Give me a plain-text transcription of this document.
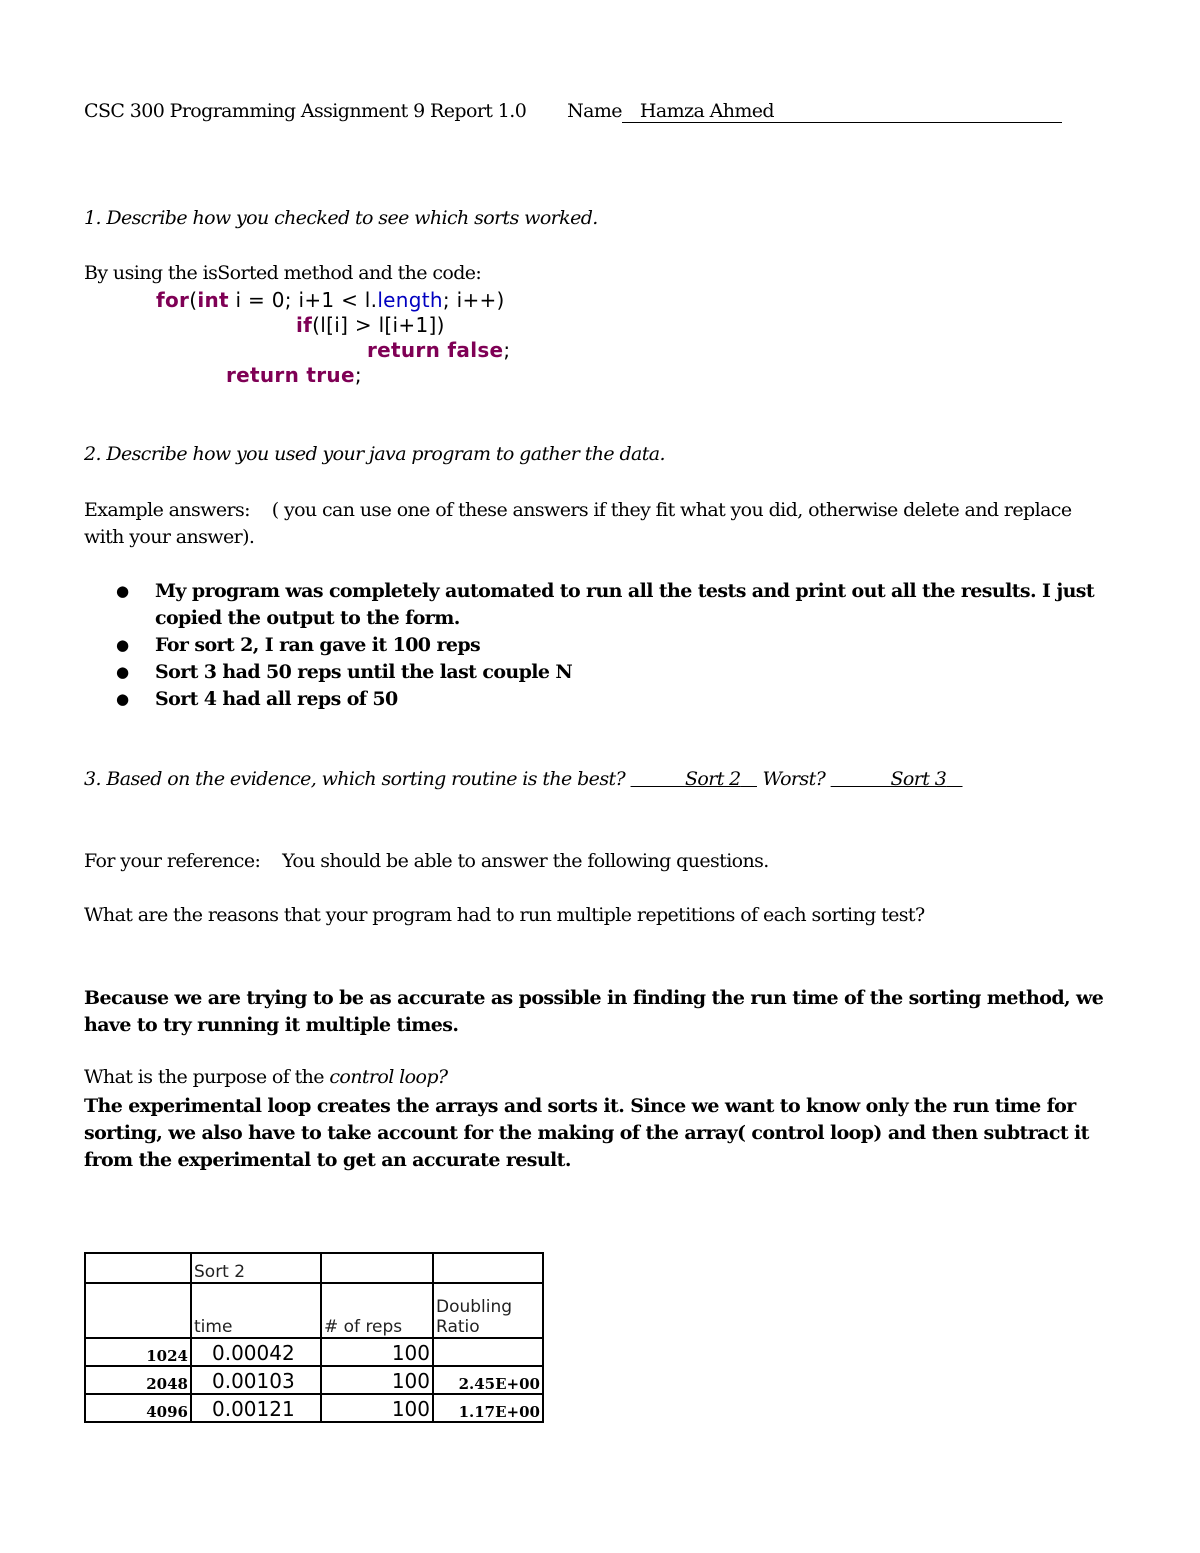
CSC 300 Programming Assignment 9 Report 1.0 Name Hamza Ahmed
1. Describe how you checked to see which sorts worked.
By using the isSorted method and the code:
for(int i = 0; i+1 < l.length; i++)
if(l[i] > l[i+1])
return false;
return true;
2. Describe how you used your java program to gather the data.
Example answers: ( you can use one of these answers if they fit what you did, otherwise delete and replace with your answer).
● My program was completely automated to run all the tests and print out all the results. I just copied the output to the form.
● For sort 2, I ran gave it 100 reps
● Sort 3 had 50 reps until the last couple N
● Sort 4 had all reps of 50
3. Based on the evidence, which sorting routine is the best?	Sort 2 Worst?	Sort 3
For your reference: You should be able to answer the following questions.
What are the reasons that your program had to run multiple repetitions of each sorting test?
Because we are trying to be as accurate as possible in finding the run time of the sorting method, we have to try running it multiple times.
What is the purpose of the control loop?
The experimental loop creates the arrays and sorts it. Since we want to know only the run time for sorting, we also have to take account for the making of the array( control loop) and then subtract it from the experimental to get an accurate result.
	Sort 2		
	time	# of reps	Doubling
Ratio
1024	0.00042	100	
2048	0.00103	100	2.45E+00
4096	0.00121	100	1.17E+00
